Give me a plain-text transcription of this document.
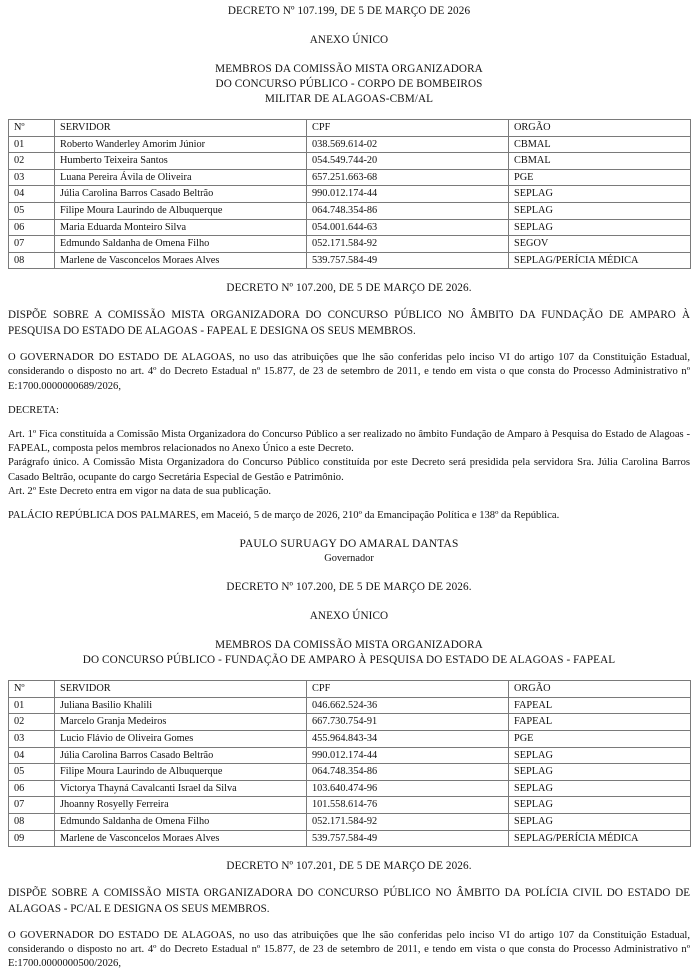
DECRETO Nº 107.199, DE 5 DE MARÇO DE 2026

ANEXO ÚNICO

MEMBROS DA COMISSÃO MISTA ORGANIZADORA

DO CONCURSO PÚBLICO - CORPO DE BOMBEIROS

MILITAR DE ALAGOAS-CBM/AL

Nº	SERVIDOR	CPF	ORGÃO
01	Roberto Wanderley Amorim Júnior	038.569.614-02	CBMAL
02	Humberto Teixeira Santos	054.549.744-20	CBMAL
03	Luana Pereira Ávila de Oliveira	657.251.663-68	PGE
04	Júlia Carolina Barros Casado Beltrão	990.012.174-44	SEPLAG
05	Filipe Moura Laurindo de Albuquerque	064.748.354-86	SEPLAG
06	Maria Eduarda Monteiro Silva	054.001.644-63	SEPLAG
07	Edmundo Saldanha de Omena Filho	052.171.584-92	SEGOV
08	Marlene de Vasconcelos Moraes Alves	539.757.584-49	SEPLAG/PERÍCIA MÉDICA

DECRETO Nº 107.200, DE 5 DE MARÇO DE 2026.

DISPÕE SOBRE A COMISSÃO MISTA ORGANIZADORA DO CONCURSO PÚBLICO NO ÂMBITO DA FUNDAÇÃO DE AMPARO À PESQUISA DO ESTADO DE ALAGOAS - FAPEAL E DESIGNA OS SEUS MEMBROS.

O GOVERNADOR DO ESTADO DE ALAGOAS, no uso das atribuições que lhe são conferidas pelo inciso VI do artigo 107 da Constituição Estadual, considerando o disposto no art. 4º do Decreto Estadual nº 15.877, de 23 de setembro de 2011, e tendo em vista o que consta do Processo Administrativo nº E:1700.0000000689/2026,

DECRETA:

Art. 1º Fica constituída a Comissão Mista Organizadora do Concurso Público a ser realizado no âmbito Fundação de Amparo à Pesquisa do Estado de Alagoas - FAPEAL, composta pelos membros relacionados no Anexo Único a este Decreto.

Parágrafo único. A Comissão Mista Organizadora do Concurso Público constituída por este Decreto será presidida pela servidora Sra. Júlia Carolina Barros Casado Beltrão, ocupante do cargo Secretária Especial de Gestão e Patrimônio.

Art. 2º Este Decreto entra em vigor na data de sua publicação.

PALÁCIO REPÚBLICA DOS PALMARES, em Maceió, 5 de março de 2026, 210º da Emancipação Política e 138º da República.

PAULO SURUAGY DO AMARAL DANTAS

Governador

DECRETO Nº 107.200, DE 5 DE MARÇO DE 2026.

ANEXO ÚNICO

MEMBROS DA COMISSÃO MISTA ORGANIZADORA

DO CONCURSO PÚBLICO - FUNDAÇÃO DE AMPARO À PESQUISA DO ESTADO DE ALAGOAS - FAPEAL

Nº	SERVIDOR	CPF	ORGÃO
01	Juliana Basilio Khalili	046.662.524-36	FAPEAL
02	Marcelo Granja Medeiros	667.730.754-91	FAPEAL
03	Lucio Flávio de Oliveira Gomes	455.964.843-34	PGE
04	Júlia Carolina Barros Casado Beltrão	990.012.174-44	SEPLAG
05	Filipe Moura Laurindo de Albuquerque	064.748.354-86	SEPLAG
06	Victorya Thayná Cavalcanti Israel da Silva	103.640.474-96	SEPLAG
07	Jhoanny Rosyelly Ferreira	101.558.614-76	SEPLAG
08	Edmundo Saldanha de Omena Filho	052.171.584-92	SEPLAG
09	Marlene de Vasconcelos Moraes Alves	539.757.584-49	SEPLAG/PERÍCIA MÉDICA

DECRETO Nº 107.201, DE 5 DE MARÇO DE 2026.

DISPÕE SOBRE A COMISSÃO MISTA ORGANIZADORA DO CONCURSO PÚBLICO NO ÂMBITO DA POLÍCIA CIVIL DO ESTADO DE ALAGOAS - PC/AL E DESIGNA OS SEUS MEMBROS.

O GOVERNADOR DO ESTADO DE ALAGOAS, no uso das atribuições que lhe são conferidas pelo inciso VI do artigo 107 da Constituição Estadual, considerando o disposto no art. 4º do Decreto Estadual nº 15.877, de 23 de setembro de 2011, e tendo em vista o que consta do Processo Administrativo nº E:1700.0000000500/2026,
